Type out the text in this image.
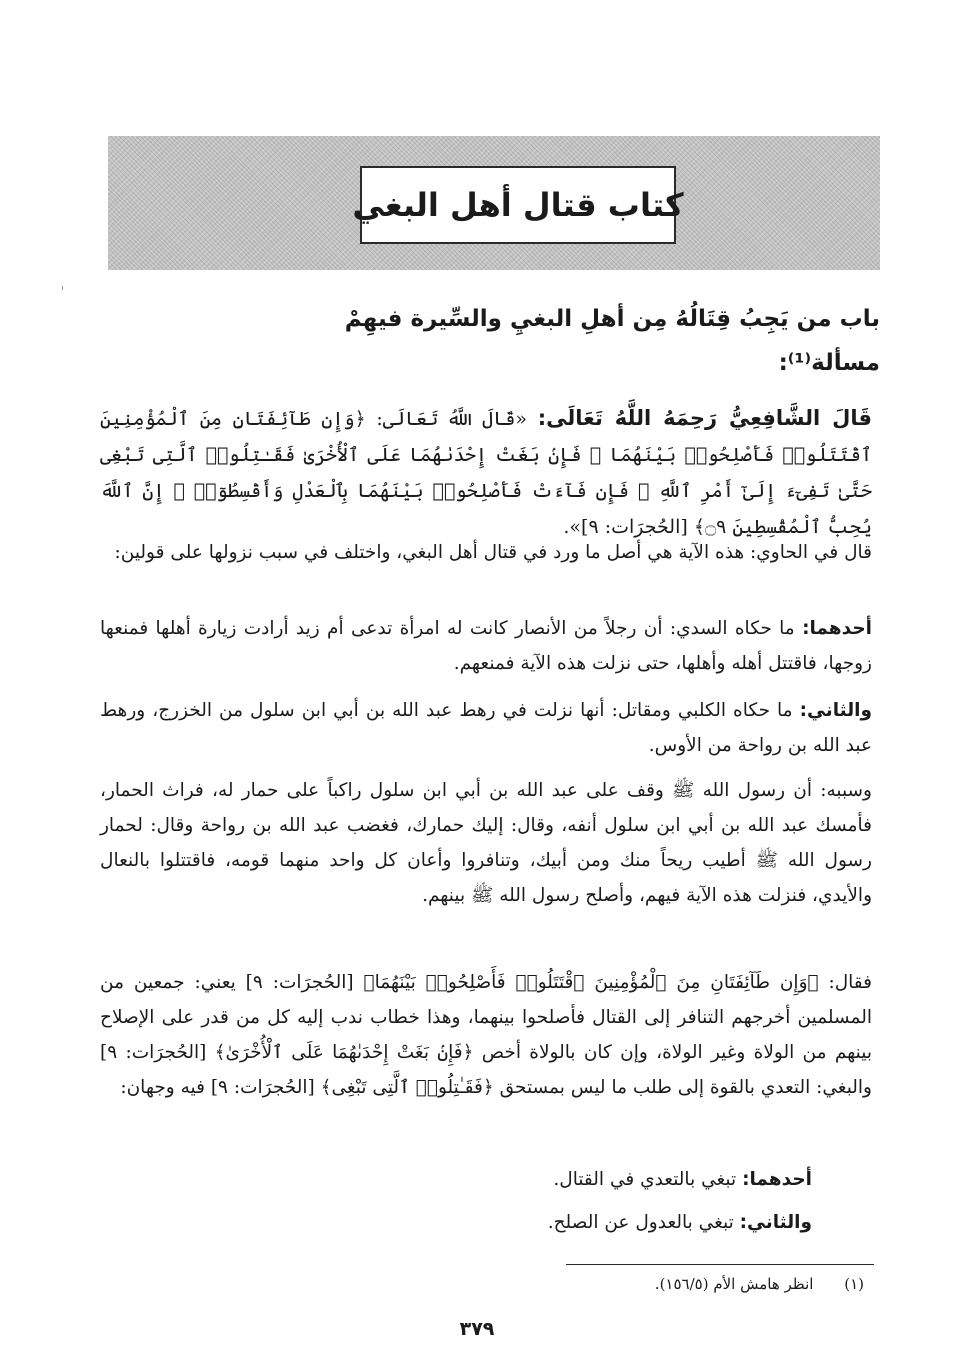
كتاب قتال أهل البغي
باب من يَجِبُ قِتَالُهُ مِن أهلِ البغيِ والسِّيرة فيهِمْ
مسألة⁽¹⁾:
قَالَ الشَّافِعِيُّ رَحِمَهُ اللَّهُ تَعَالَى: «قَالَ اللَّهُ تَعَالَى: ﴿وَإِن طَآئِفَتَانِ مِنَ ٱلْمُؤْمِنِينَ ٱقْتَتَلُوا۟ فَأَصْلِحُوا۟ بَيْنَهُمَا ۖ فَإِنۢ بَغَتْ إِحْدَىٰهُمَا عَلَى ٱلْأُخْرَىٰ فَقَـٰتِلُوا۟ ٱلَّتِى تَبْغِى حَتَّىٰ تَفِىٓءَ إِلَىٰٓ أَمْرِ ٱللَّهِ ۚ فَإِن فَآءَتْ فَأَصْلِحُوا۟ بَيْنَهُمَا بِٱلْعَدْلِ وَأَقْسِطُوٓا۟ ۖ إِنَّ ٱللَّهَ يُحِبُّ ٱلْمُقْسِطِينَ ۝٩﴾ [الحُجرَات: ٩]».
قال في الحاوي: هذه الآية هي أصل ما ورد في قتال أهل البغي، واختلف في سبب نزولها على قولين:
أحدهما: ما حكاه السدي: أن رجلاً من الأنصار كانت له امرأة تدعى أم زيد أرادت زيارة أهلها فمنعها زوجها، فاقتتل أهله وأهلها، حتى نزلت هذه الآية فمنعهم.
والثاني: ما حكاه الكلبي ومقاتل: أنها نزلت في رهط عبد الله بن أبي ابن سلول من الخزرج، ورهط عبد الله بن رواحة من الأوس.
وسببه: أن رسول الله ﷺ وقف على عبد الله بن أبي ابن سلول راكباً على حمار له، فراث الحمار، فأمسك عبد الله بن أبي ابن سلول أنفه، وقال: إليك حمارك، فغضب عبد الله بن رواحة وقال: لحمار رسول الله ﷺ أطيب ريحاً منك ومن أبيك، وتنافروا وأعان كل واحد منهما قومه، فاقتتلوا بالنعال والأيدي، فنزلت هذه الآية فيهم، وأصلح رسول الله ﷺ بينهم.
فقال: ﴿وَإِن طَآئِفَتَانِ مِنَ ٱلْمُؤْمِنِينَ ٱقْتَتَلُوا۟ فَأَصْلِحُوا۟ بَيْنَهُمَا﴾ [الحُجرَات: ٩] يعني: جمعين من المسلمين أخرجهم التنافر إلى القتال فأصلحوا بينهما، وهذا خطاب ندب إليه كل من قدر على الإصلاح بينهم من الولاة وغير الولاة، وإن كان بالولاة أخص ﴿فَإِنۢ بَغَتْ إِحْدَىٰهُمَا عَلَى ٱلْأُخْرَىٰ﴾ [الحُجرَات: ٩] والبغي: التعدي بالقوة إلى طلب ما ليس بمستحق ﴿فَقَـٰتِلُوا۟ ٱلَّتِى تَبْغِى﴾ [الحُجرَات: ٩] فيه وجهان:
أحدهما: تبغي بالتعدي في القتال.
والثاني: تبغي بالعدول عن الصلح.
(١) انظر هامش الأم (١٥٦/٥).
٣٧٩
